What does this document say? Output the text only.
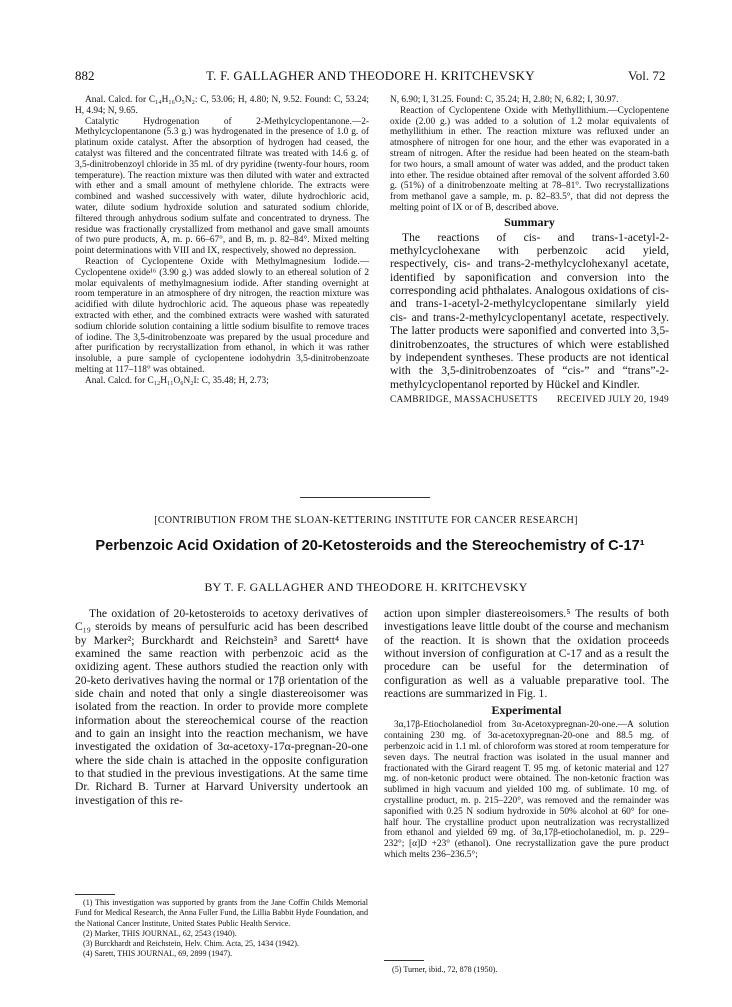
882	T. F. GALLAGHER AND THEODORE H. KRITCHEVSKY	Vol. 72

Anal. Calcd. for C₁₄H₁₆O₅N₂: C, 53.06; H, 4.80; N, 9.52. Found: C, 53.24; H, 4.94; N, 9.65.

Catalytic Hydrogenation of 2-Methylcyclopentanone.—2-Methylcyclopentanone (5.3 g.) was hydrogenated in the presence of 1.0 g. of platinum oxide catalyst. After the absorption of hydrogen had ceased, the catalyst was filtered and the concentrated filtrate was treated with 14.6 g. of 3,5-dinitrobenzoyl chloride in 35 ml. of dry pyridine (twenty-four hours, room temperature). The reaction mixture was then diluted with water and extracted with ether and a small amount of methylene chloride. The extracts were combined and washed successively with water, dilute hydrochloric acid, water, dilute sodium hydroxide solution and saturated sodium chloride, filtered through anhydrous sodium sulfate and concentrated to dryness. The residue was fractionally crystallized from methanol and gave small amounts of two pure products, A, m. p. 66–67°, and B, m. p. 82–84°. Mixed melting point determinations with VIII and IX, respectively, showed no depression.

Reaction of Cyclopentene Oxide with Methylmagnesium Iodide.—Cyclopentene oxide¹⁶ (3.90 g.) was added slowly to an ethereal solution of 2 molar equivalents of methylmagnesium iodide. After standing overnight at room temperature in an atmosphere of dry nitrogen, the reaction mixture was acidified with dilute hydrochloric acid. The aqueous phase was repeatedly extracted with ether, and the combined extracts were washed with saturated sodium chloride solution containing a little sodium bisulfite to remove traces of iodine. The 3,5-dinitrobenzoate was prepared by the usual procedure and after purification by recrystallization from ethanol, in which it was rather insoluble, a pure sample of cyclopentene iodohydrin 3,5-dinitrobenzoate melting at 117–118° was obtained.

Anal. Calcd. for C₁₂H₁₁O₆N₂I: C, 35.48; H, 2.73;

N, 6.90; I, 31.25. Found: C, 35.24; H, 2.80; N, 6.82; I, 30.97.

Reaction of Cyclopentene Oxide with Methyllithium.—Cyclopentene oxide (2.00 g.) was added to a solution of 1.2 molar equivalents of methyllithium in ether. The reaction mixture was refluxed under an atmosphere of nitrogen for one hour, and the ether was evaporated in a stream of nitrogen. After the residue had been heated on the steam-bath for two hours, a small amount of water was added, and the product taken into ether. The residue obtained after removal of the solvent afforded 3.60 g. (51%) of a dinitrobenzoate melting at 78–81°. Two recrystallizations from methanol gave a sample, m. p. 82–83.5°, that did not depress the melting point of IX or of B, described above.

Summary

The reactions of cis- and trans-1-acetyl-2-methylcyclohexane with perbenzoic acid yield, respectively, cis- and trans-2-methylcyclohexanyl acetate, identified by saponification and conversion into the corresponding acid phthalates. Analogous oxidations of cis- and trans-1-acetyl-2-methylcyclopentane similarly yield cis- and trans-2-methylcyclopentanyl acetate, respectively. The latter products were saponified and converted into 3,5-dinitrobenzoates, the structures of which were established by independent syntheses. These products are not identical with the 3,5-dinitrobenzoates of “cis-” and “trans”-2-methylcyclopentanol reported by Hückel and Kindler.

CAMBRIDGE, MASSACHUSETTS RECEIVED JULY 20, 1949
[CONTRIBUTION FROM THE SLOAN-KETTERING INSTITUTE FOR CANCER RESEARCH]
Perbenzoic Acid Oxidation of 20-Ketosteroids and the Stereochemistry of C-17¹
BY T. F. GALLAGHER AND THEODORE H. KRITCHEVSKY

The oxidation of 20-ketosteroids to acetoxy derivatives of C₁₉ steroids by means of persulfuric acid has been described by Marker²; Burckhardt and Reichstein³ and Sarett⁴ have examined the same reaction with perbenzoic acid as the oxidizing agent. These authors studied the reaction only with 20-keto derivatives having the normal or 17β orientation of the side chain and noted that only a single diastereoisomer was isolated from the reaction. In order to provide more complete information about the stereochemical course of the reaction and to gain an insight into the reaction mechanism, we have investigated the oxidation of 3α-acetoxy-17α-pregnan-20-one where the side chain is attached in the opposite configuration to that studied in the previous investigations. At the same time Dr. Richard B. Turner at Harvard University undertook an investigation of this re-

action upon simpler diastereoisomers.⁵ The results of both investigations leave little doubt of the course and mechanism of the reaction. It is shown that the oxidation proceeds without inversion of configuration at C-17 and as a result the procedure can be useful for the determination of configuration as well as a valuable preparative tool. The reactions are summarized in Fig. 1.

Experimental

3α,17β-Etiocholanediol from 3α-Acetoxypregnan-20-one.—A solution containing 230 mg. of 3α-acetoxypregnan-20-one and 88.5 mg. of perbenzoic acid in 1.1 ml. of chloroform was stored at room temperature for seven days. The neutral fraction was isolated in the usual manner and fractionated with the Girard reagent T. 95 mg. of ketonic material and 127 mg. of non-ketonic product were obtained. The non-ketonic fraction was sublimed in high vacuum and yielded 100 mg. of sublimate. 10 mg. of crystalline product, m. p. 215–220°, was removed and the remainder was saponified with 0.25 N sodium hydroxide in 50% alcohol at 60° for one-half hour. The crystalline product upon neutralization was recrystallized from ethanol and yielded 69 mg. of 3α,17β-etiocholanediol, m. p. 229–232°; [α]D +23° (ethanol). One recrystallization gave the pure product which melts 236–236.5°;

(1) This investigation was supported by grants from the Jane Coffin Childs Memorial Fund for Medical Research, the Anna Fuller Fund, the Lillia Babbit Hyde Foundation, and the National Cancer Institute, United States Public Health Service.

(2) Marker, THIS JOURNAL, 62, 2543 (1940).

(3) Burckhardt and Reichstein, Helv. Chim. Acta, 25, 1434 (1942).

(4) Sarett, THIS JOURNAL, 69, 2899 (1947).

(5) Turner, ibid., 72, 878 (1950).
